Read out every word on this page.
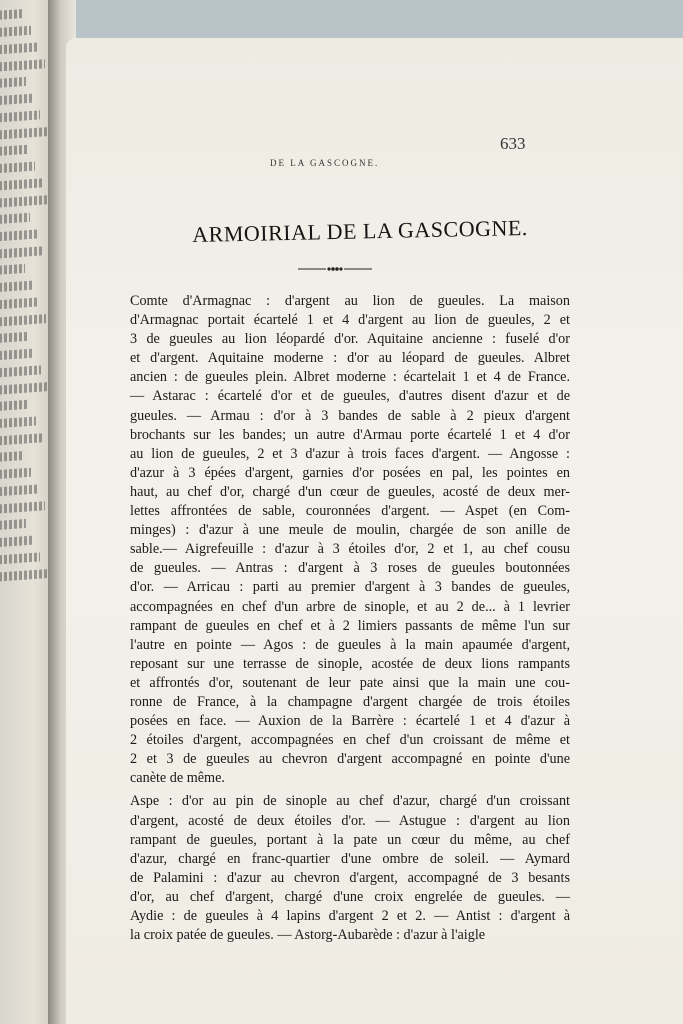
DE LA GASCOGNE.
633
ARMOIRIAL DE LA GASCOGNE.
Comte d'Armagnac : d'argent au lion de gueules. La maison
d'Armagnac portait écartelé 1 et 4 d'argent au lion de gueules, 2 et
3 de gueules au lion léopardé d'or. Aquitaine ancienne : fuselé d'or
et d'argent. Aquitaine moderne : d'or au léopard de gueules. Albret
ancien : de gueules plein. Albret moderne : écartelait 1 et 4 de France.
— Astarac : écartelé d'or et de gueules, d'autres disent d'azur et de
gueules. — Armau : d'or à 3 bandes de sable à 2 pieux d'argent
brochants sur les bandes; un autre d'Armau porte écartelé 1 et 4 d'or
au lion de gueules, 2 et 3 d'azur à trois faces d'argent. — Angosse :
d'azur à 3 épées d'argent, garnies d'or posées en pal, les pointes en
haut, au chef d'or, chargé d'un cœur de gueules, acosté de deux mer-
lettes affrontées de sable, couronnées d'argent. — Aspet (en Com-
minges) : d'azur à une meule de moulin, chargée de son anille de
sable.— Aigrefeuille : d'azur à 3 étoiles d'or, 2 et 1, au chef cousu
de gueules. — Antras : d'argent à 3 roses de gueules boutonnées
d'or. — Arricau : parti au premier d'argent à 3 bandes de gueules,
accompagnées en chef d'un arbre de sinople, et au 2 de... à 1 levrier
rampant de gueules en chef et à 2 limiers passants de même l'un sur
l'autre en pointe — Agos : de gueules à la main apaumée d'argent,
reposant sur une terrasse de sinople, acostée de deux lions rampants
et affrontés d'or, soutenant de leur pate ainsi que la main une cou-
ronne de France, à la champagne d'argent chargée de trois étoiles
posées en face. — Auxion de la Barrère : écartelé 1 et 4 d'azur à
2 étoiles d'argent, accompagnées en chef d'un croissant de même et
2 et 3 de gueules au chevron d'argent accompagné en pointe d'une
canète de même.
Aspe : d'or au pin de sinople au chef d'azur, chargé d'un croissant
d'argent, acosté de deux étoiles d'or. — Astugue : d'argent au lion
rampant de gueules, portant à la pate un cœur du même, au chef
d'azur, chargé en franc-quartier d'une ombre de soleil. — Aymard
de Palamini : d'azur au chevron d'argent, accompagné de 3 besants
d'or, au chef d'argent, chargé d'une croix engrelée de gueules. —
Aydie : de gueules à 4 lapins d'argent 2 et 2. — Antist : d'argent à
la croix patée de gueules. — Astorg-Aubarède : d'azur à l'aigle
